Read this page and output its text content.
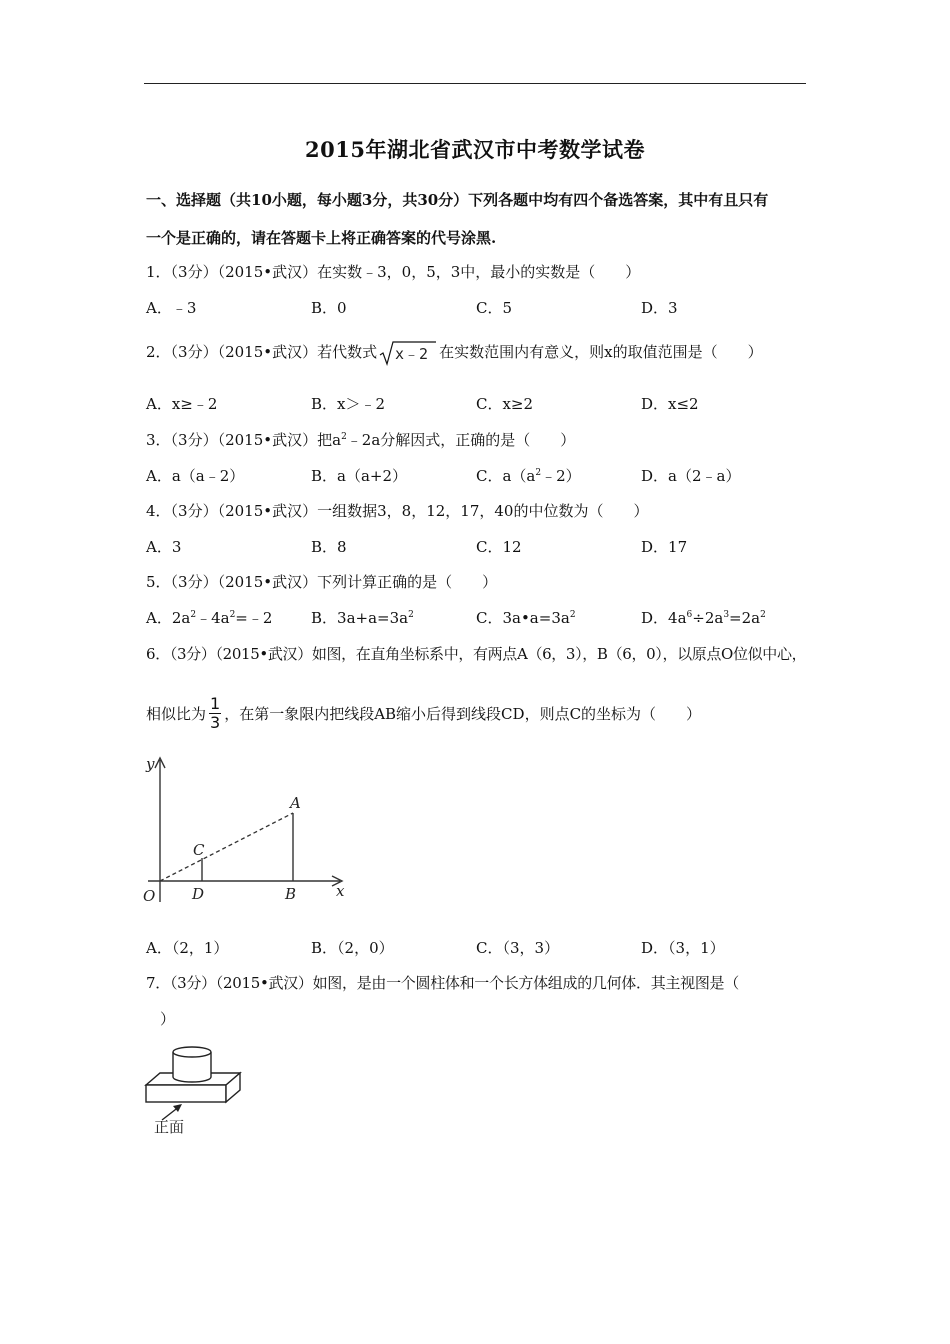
2015年湖北省武汉市中考数学试卷
一、选择题（共10小题，每小题3分，共30分）下列各题中均有四个备选答案，其中有且只有
一个是正确的，请在答题卡上将正确答案的代号涂黑.
1．（3分）（2015•武汉）在实数﹣3，0，5，3中，最小的实数是（　　）
A．﹣3	B．0	C．5	D．3
2．（3分）（2015•武汉）若代数式 x﹣2 在实数范围内有意义，则x的取值范围是（　　）
A．x≥﹣2	B．x＞﹣2	C．x≥2	D．x≤2
3．（3分）（2015•武汉）把$a^2﹣2a$分解因式，正确的是（　　）
A．a（a﹣2）	B．a（a+2）	C．$a(a^2﹣2)$	D．a（2﹣a）
4．（3分）（2015•武汉）一组数据3，8，12，17，40的中位数为（　　）
A．3	B．8	C．12	D．17
5．（3分）（2015•武汉）下列计算正确的是（　　）
A．$2a^2﹣4a^2=﹣2$	B．$3a+a=3a^2$	C．$3a•a=3a^2$	D．$4a^6\div 2a^3=2a^2$
6．（3分）（2015•武汉）如图，在直角坐标系中，有两点A（6，3），B（6，0），以原点O位似中心，
相似比为 $\frac{1}{3}$ ，在第一象限内把线段AB缩小后得到线段CD，则点C的坐标为（　　）
y
x
O
A
B
C
D
A．（2，1）	B．（2，0）	C．（3，3）	D．（3，1）
7．（3分）（2015•武汉）如图，是由一个圆柱体和一个长方体组成的几何体．其主视图是（
）
正面
